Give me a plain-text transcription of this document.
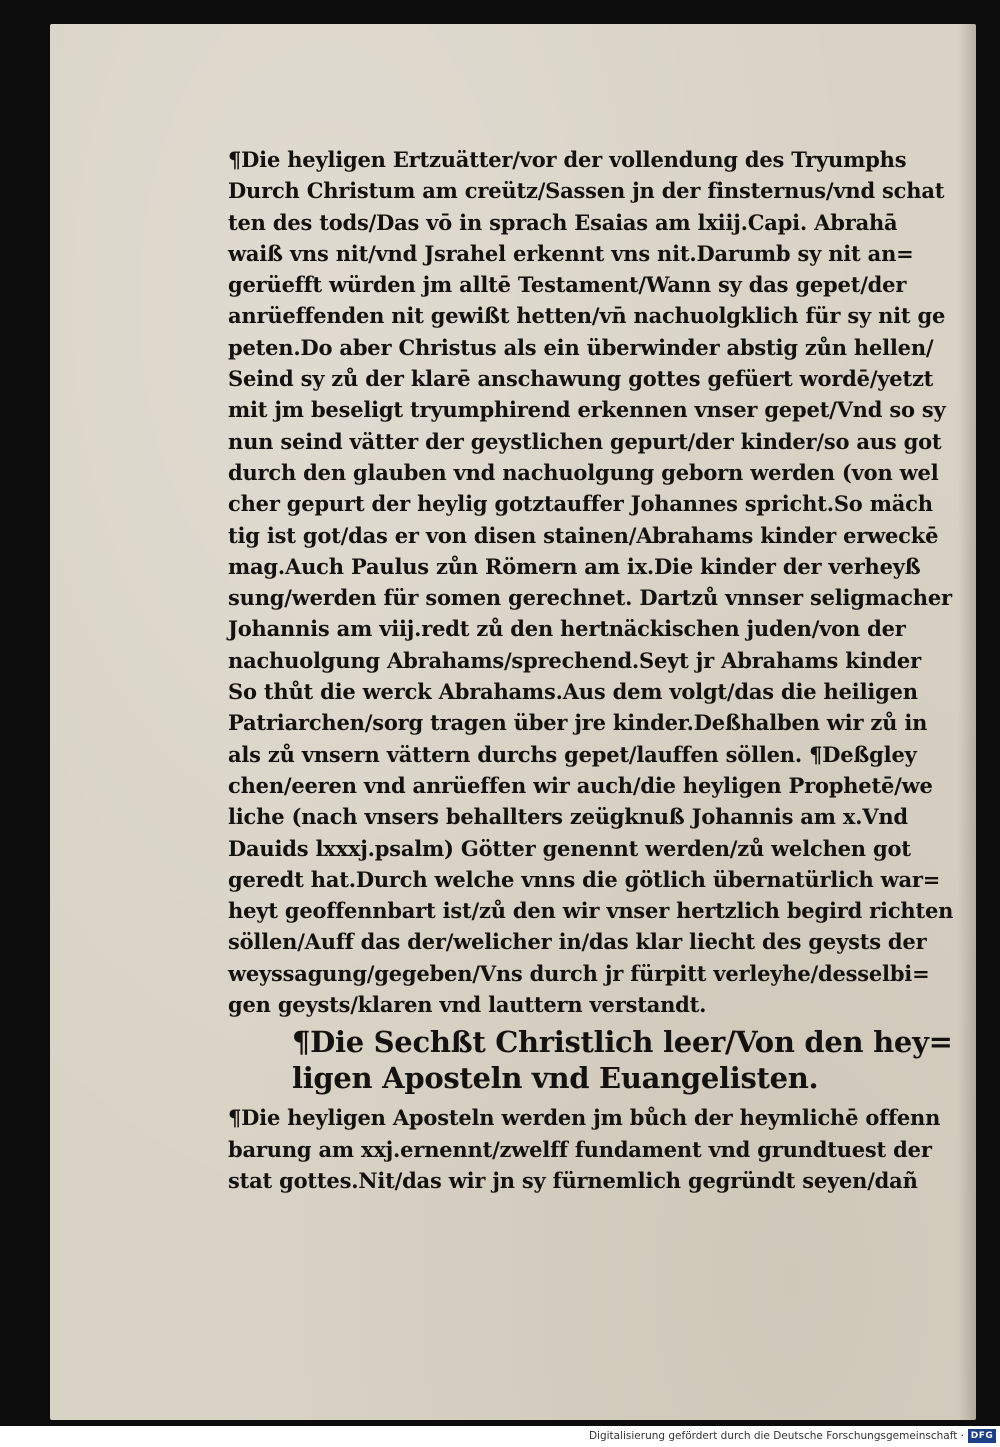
¶Die heyligen Ertzuätter/vor der vollendung des Tryumphs
Durch Christum am creütz/Sassen jn der finsternus/vnd schat
ten des tods/Das vō in sprach Esaias am lxiij.Capi. Abrahā
waiß vns nit/vnd Jsrahel erkennt vns nit.Darumb sy nit an=
gerüefft würden jm alltē Testament/Wann sy das gepet/der
anrüeffenden nit gewißt hetten/vn̄ nachuolgklich für sy nit ge
peten.Do aber Christus als ein überwinder abstig zůn hellen/
Seind sy zů der klarē anschawung gottes gefüert wordē/yetzt
mit jm beseligt tryumphirend erkennen vnser gepet/Vnd so sy
nun seind vätter der geystlichen gepurt/der kinder/so aus got
durch den glauben vnd nachuolgung geborn werden (von wel
cher gepurt der heylig gotztauffer Johannes spricht.So mäch
tig ist got/das er von disen stainen/Abrahams kinder erweckē
mag.Auch Paulus zůn Römern am ix.Die kinder der verheyß
sung/werden für somen gerechnet. Dartzů vnnser seligmacher
Johannis am viij.redt zů den hertnäckischen juden/von der
nachuolgung Abrahams/sprechend.Seyt jr Abrahams kinder
So thůt die werck Abrahams.Aus dem volgt/das die heiligen
Patriarchen/sorg tragen über jre kinder.Deßhalben wir zů in
als zů vnsern vättern durchs gepet/lauffen söllen. ¶Deßgley
chen/eeren vnd anrüeffen wir auch/die heyligen Prophetē/we
liche (nach vnsers behallters zeügknuß Johannis am x.Vnd
Dauids lxxxj.psalm) Götter genennt werden/zů welchen got
geredt hat.Durch welche vnns die götlich übernatürlich war=
heyt geoffennbart ist/zů den wir vnser hertzlich begird richten
söllen/Auff das der/welicher in/das klar liecht des geysts der
weyssagung/gegeben/Vns durch jr fürpitt verleyhe/desselbi=
gen geysts/klaren vnd lauttern verstandt.
¶Die Sechßt Christlich leer/Von den hey=
ligen Aposteln vnd Euangelisten.
¶Die heyligen Aposteln werden jm bůch der heymlichē offenn
barung am xxj.ernennt/zwelff fundament vnd grundtuest der
stat gottes.Nit/das wir jn sy fürnemlich gegründt seyen/dañ
Digitalisierung gefördert durch die Deutsche Forschungsgemeinschaft · DFG
